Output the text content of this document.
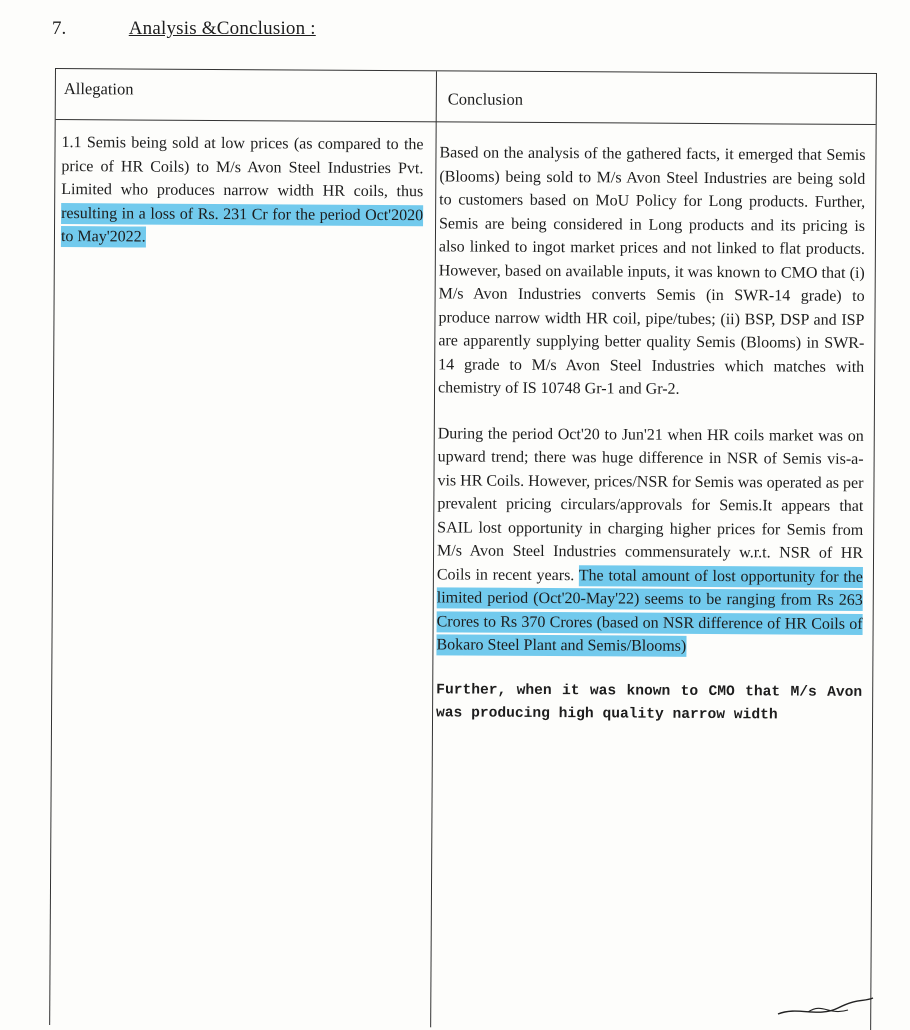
7.	Analysis &Conclusion :
Allegation
Conclusion
1.1 Semis being sold at low prices (as compared to the price of HR Coils) to M/s Avon Steel Industries Pvt. Limited who produces narrow width HR coils, thus resulting in a loss of Rs. 231 Cr for the period Oct'2020 to May'2022.

Based on the analysis of the gathered facts, it emerged that Semis (Blooms) being sold to M/s Avon Steel Industries are being sold to customers based on MoU Policy for Long products. Further, Semis are being considered in Long products and its pricing is also linked to ingot market prices and not linked to flat products. However, based on available inputs, it was known to CMO that (i) M/s Avon Industries converts Semis (in SWR-14 grade) to produce narrow width HR coil, pipe/tubes; (ii) BSP, DSP and ISP are apparently supplying better quality Semis (Blooms) in SWR-14 grade to M/s Avon Steel Industries which matches with chemistry of IS 10748 Gr-1 and Gr-2.

During the period Oct'20 to Jun'21 when HR coils market was on upward trend; there was huge difference in NSR of Semis vis-a-vis HR Coils. However, prices/NSR for Semis was operated as per prevalent pricing circulars/approvals for Semis.It appears that SAIL lost opportunity in charging higher prices for Semis from M/s Avon Steel Industries commensurately w.r.t. NSR of HR Coils in recent years. The total amount of lost opportunity for the limited period (Oct'20-May'22) seems to be ranging from Rs 263 Crores to Rs 370 Crores (based on NSR difference of HR Coils of Bokaro Steel Plant and Semis/Blooms)

Further, when it was known to CMO that M/s Avon was producing high quality narrow width
